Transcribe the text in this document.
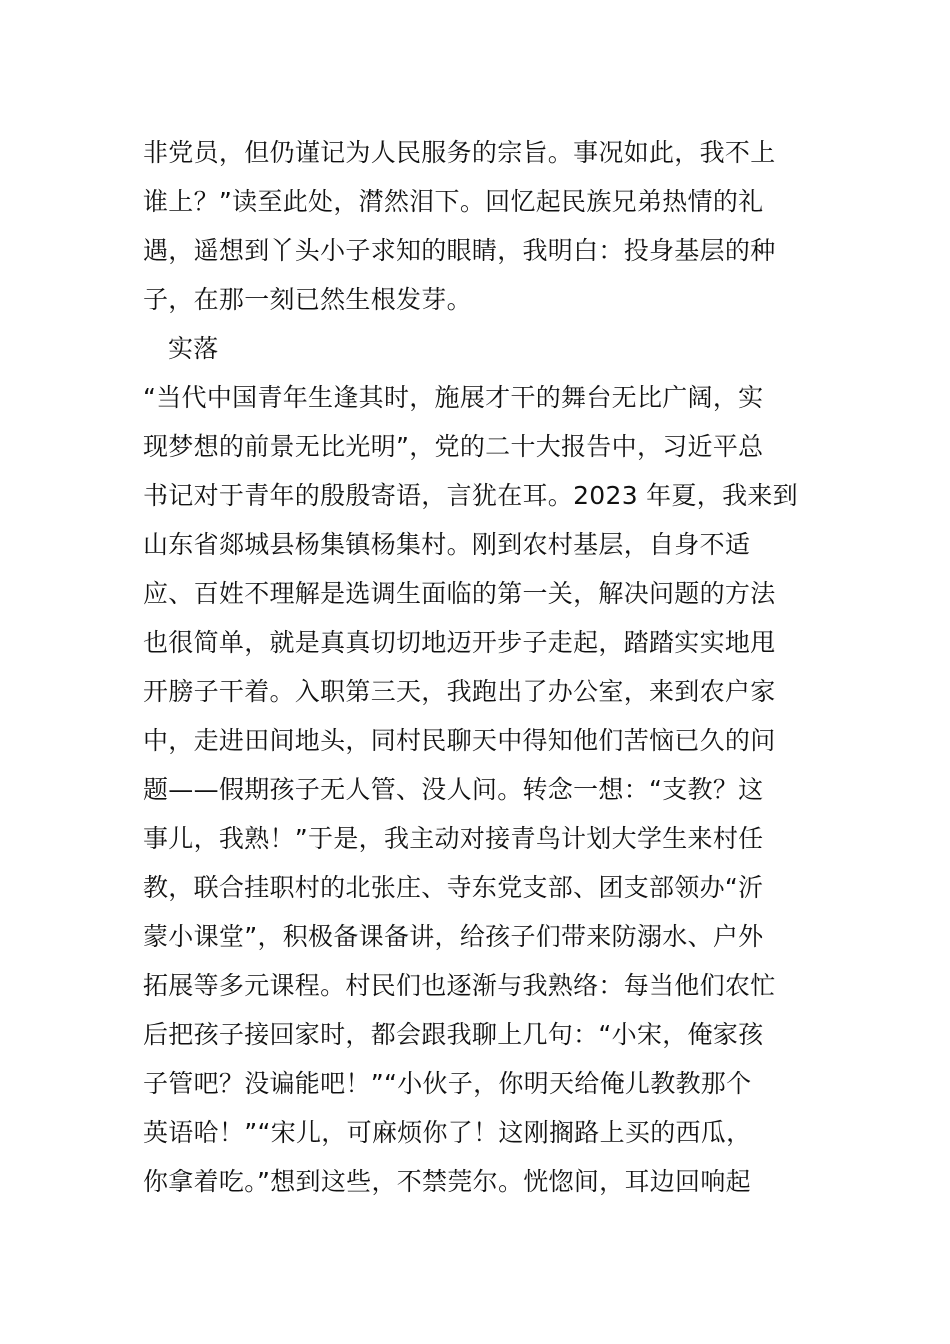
非党员，但仍谨记为人民服务的宗旨。事况如此，我不上
谁上？”读至此处，潸然泪下。回忆起民族兄弟热情的礼
遇，遥想到丫头小子求知的眼睛，我明白：投身基层的种
子，在那一刻已然生根发芽。
实落
“当代中国青年生逢其时，施展才干的舞台无比广阔，实
现梦想的前景无比光明”，党的二十大报告中，习近平总
书记对于青年的殷殷寄语，言犹在耳。2023 年夏，我来到
山东省郯城县杨集镇杨集村。刚到农村基层，自身不适
应、百姓不理解是选调生面临的第一关，解决问题的方法
也很简单，就是真真切切地迈开步子走起，踏踏实实地甩
开膀子干着。入职第三天，我跑出了办公室，来到农户家
中，走进田间地头，同村民聊天中得知他们苦恼已久的问
题——假期孩子无人管、没人问。转念一想：“支教？这
事儿，我熟！”于是，我主动对接青鸟计划大学生来村任
教，联合挂职村的北张庄、寺东党支部、团支部领办“沂
蒙小课堂”，积极备课备讲，给孩子们带来防溺水、户外
拓展等多元课程。村民们也逐渐与我熟络：每当他们农忙
后把孩子接回家时，都会跟我聊上几句：“小宋，俺家孩
子管吧？没谝能吧！”“小伙子，你明天给俺儿教教那个
英语哈！”“宋儿，可麻烦你了！这刚搁路上买的西瓜，
你拿着吃。”想到这些，不禁莞尔。恍惚间，耳边回响起
